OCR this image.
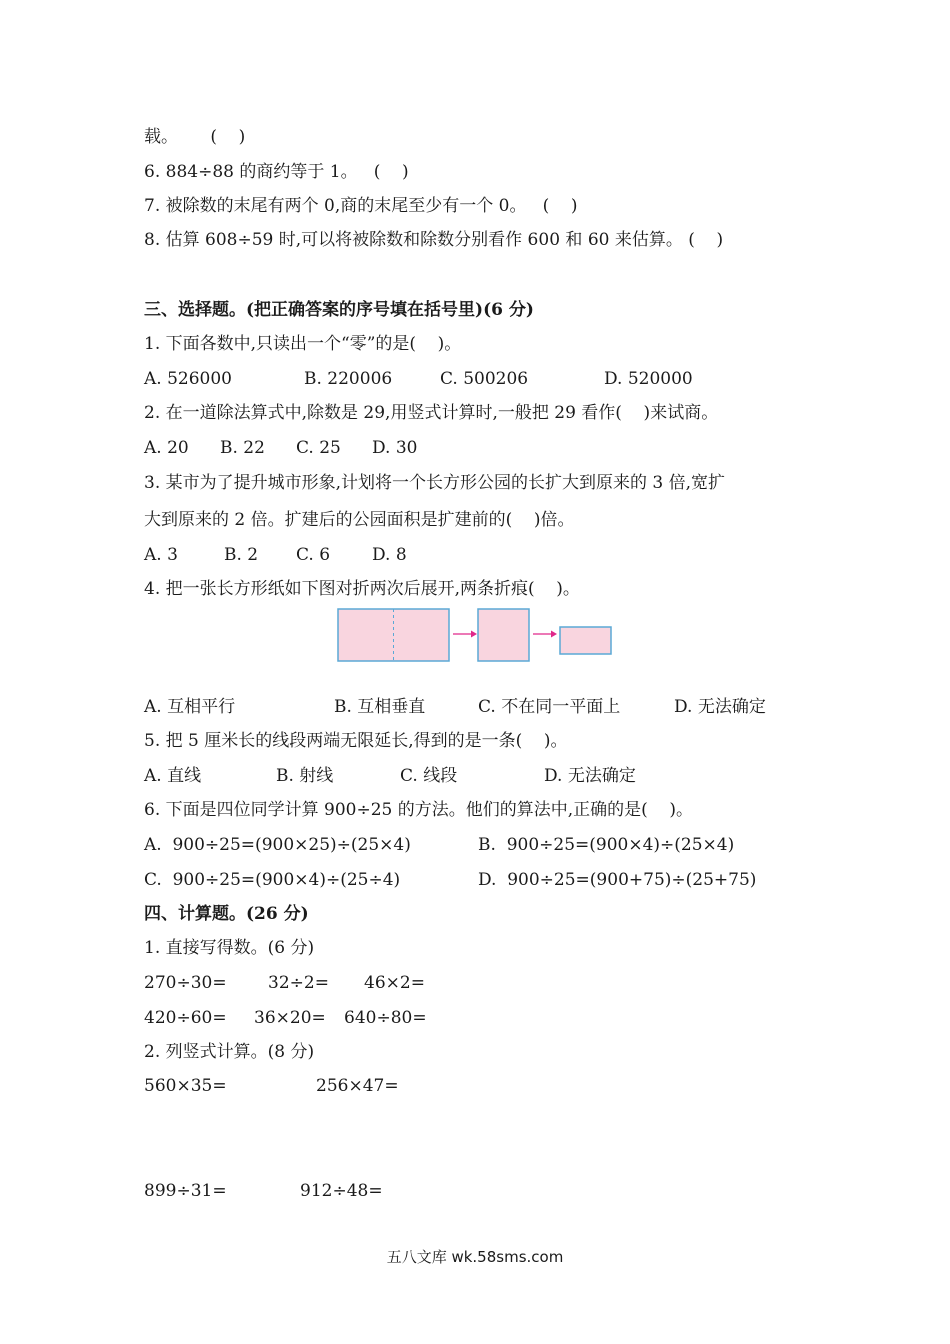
载。      (    )
6. 884÷88 的商约等于 1。   (    )
7. 被除数的末尾有两个 0,商的末尾至少有一个 0。   (    )
8. 估算 608÷59 时,可以将被除数和除数分别看作 600 和 60 来估算。 (    )
三、选择题。(把正确答案的序号填在括号里)(6 分)
1. 下面各数中,只读出一个“零”的是(    )。
A. 526000	B. 220006	C. 500206	D. 520000
2. 在一道除法算式中,除数是 29,用竖式计算时,一般把 29 看作(    )来试商。
A. 20 B. 22 C. 25 D. 30
3. 某市为了提升城市形象,计划将一个长方形公园的长扩大到原来的 3 倍,宽扩
大到原来的 2 倍。扩建后的公园面积是扩建前的(    )倍。
A. 3	B. 2 C. 6 D. 8
4. 把一张长方形纸如下图对折两次后展开,两条折痕(    )。
A. 互相平行	B. 互相垂直	C. 不在同一平面上	D. 无法确定
5. 把 5 厘米长的线段两端无限延长,得到的是一条(    )。
A. 直线	B. 射线	C. 线段	D. 无法确定
6. 下面是四位同学计算 900÷25 的方法。他们的算法中,正确的是(    )。
A.  900÷25=(900×25)÷(25×4)	B.  900÷25=(900×4)÷(25×4)
C.  900÷25=(900×4)÷(25÷4)	D.  900÷25=(900+75)÷(25+75)
四、计算题。(26 分)
1. 直接写得数。(6 分)
270÷30= 32÷2= 46×2=
420÷60= 36×20= 640÷80=
2. 列竖式计算。(8 分)
560×35=	256×47=
899÷31=	912÷48=
五八文库 wk.58sms.com
